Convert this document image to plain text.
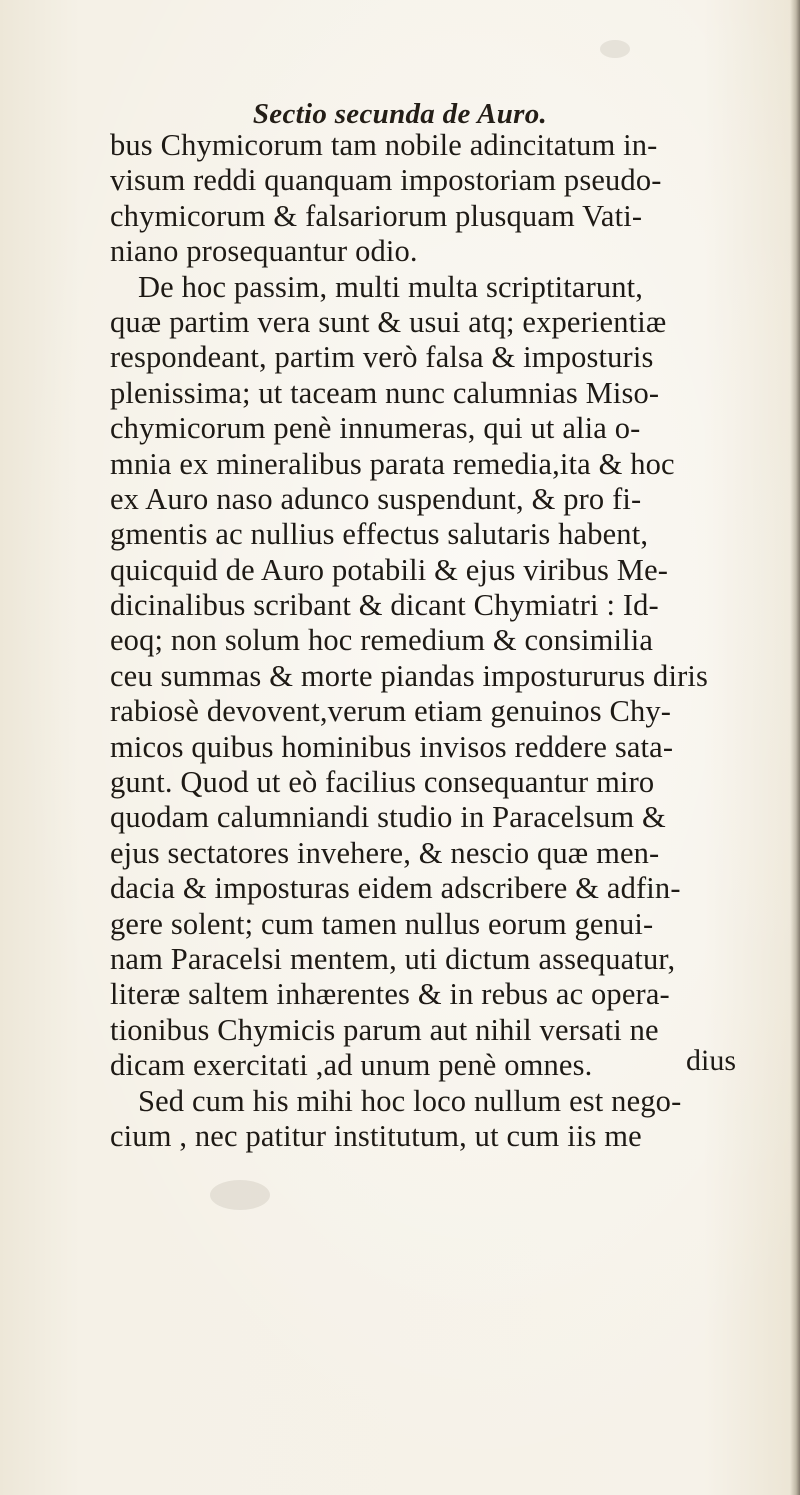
Sectio secunda de Auro.
bus Chymicorum tam nobile adincitatum in-
visum reddi quanquam impostoriam pseudo-
chymicorum & falsariorum plusquam Vati-
niano prosequantur odio.
De hoc passim, multi multa scriptitarunt,
quæ partim vera sunt & usui atq; experientiæ
respondeant, partim verò falsa & imposturis
plenissima; ut taceam nunc calumnias Miso-
chymicorum penè innumeras, qui ut alia o-
mnia ex mineralibus parata remedia,ita & hoc
ex Auro naso adunco suspendunt, & pro fi-
gmentis ac nullius effectus salutaris habent,
quicquid de Auro potabili & ejus viribus Me-
dicinalibus scribant & dicant Chymiatri : Id-
eoq; non solum hoc remedium & consimilia
ceu summas & morte piandas impostururus diris
rabiosè devovent,verum etiam genuinos Chy-
micos quibus hominibus invisos reddere sata-
gunt. Quod ut eò facilius consequantur miro
quodam calumniandi studio in Paracelsum &
ejus sectatores invehere, & nescio quæ men-
dacia & imposturas eidem adscribere & adfin-
gere solent; cum tamen nullus eorum genui-
nam Paracelsi mentem, uti dictum assequatur,
literæ saltem inhærentes & in rebus ac opera-
tionibus Chymicis parum aut nihil versati ne
dicam exercitati ,ad unum penè omnes.
Sed cum his mihi hoc loco nullum est nego-
cium , nec patitur institutum, ut cum iis me
dius
